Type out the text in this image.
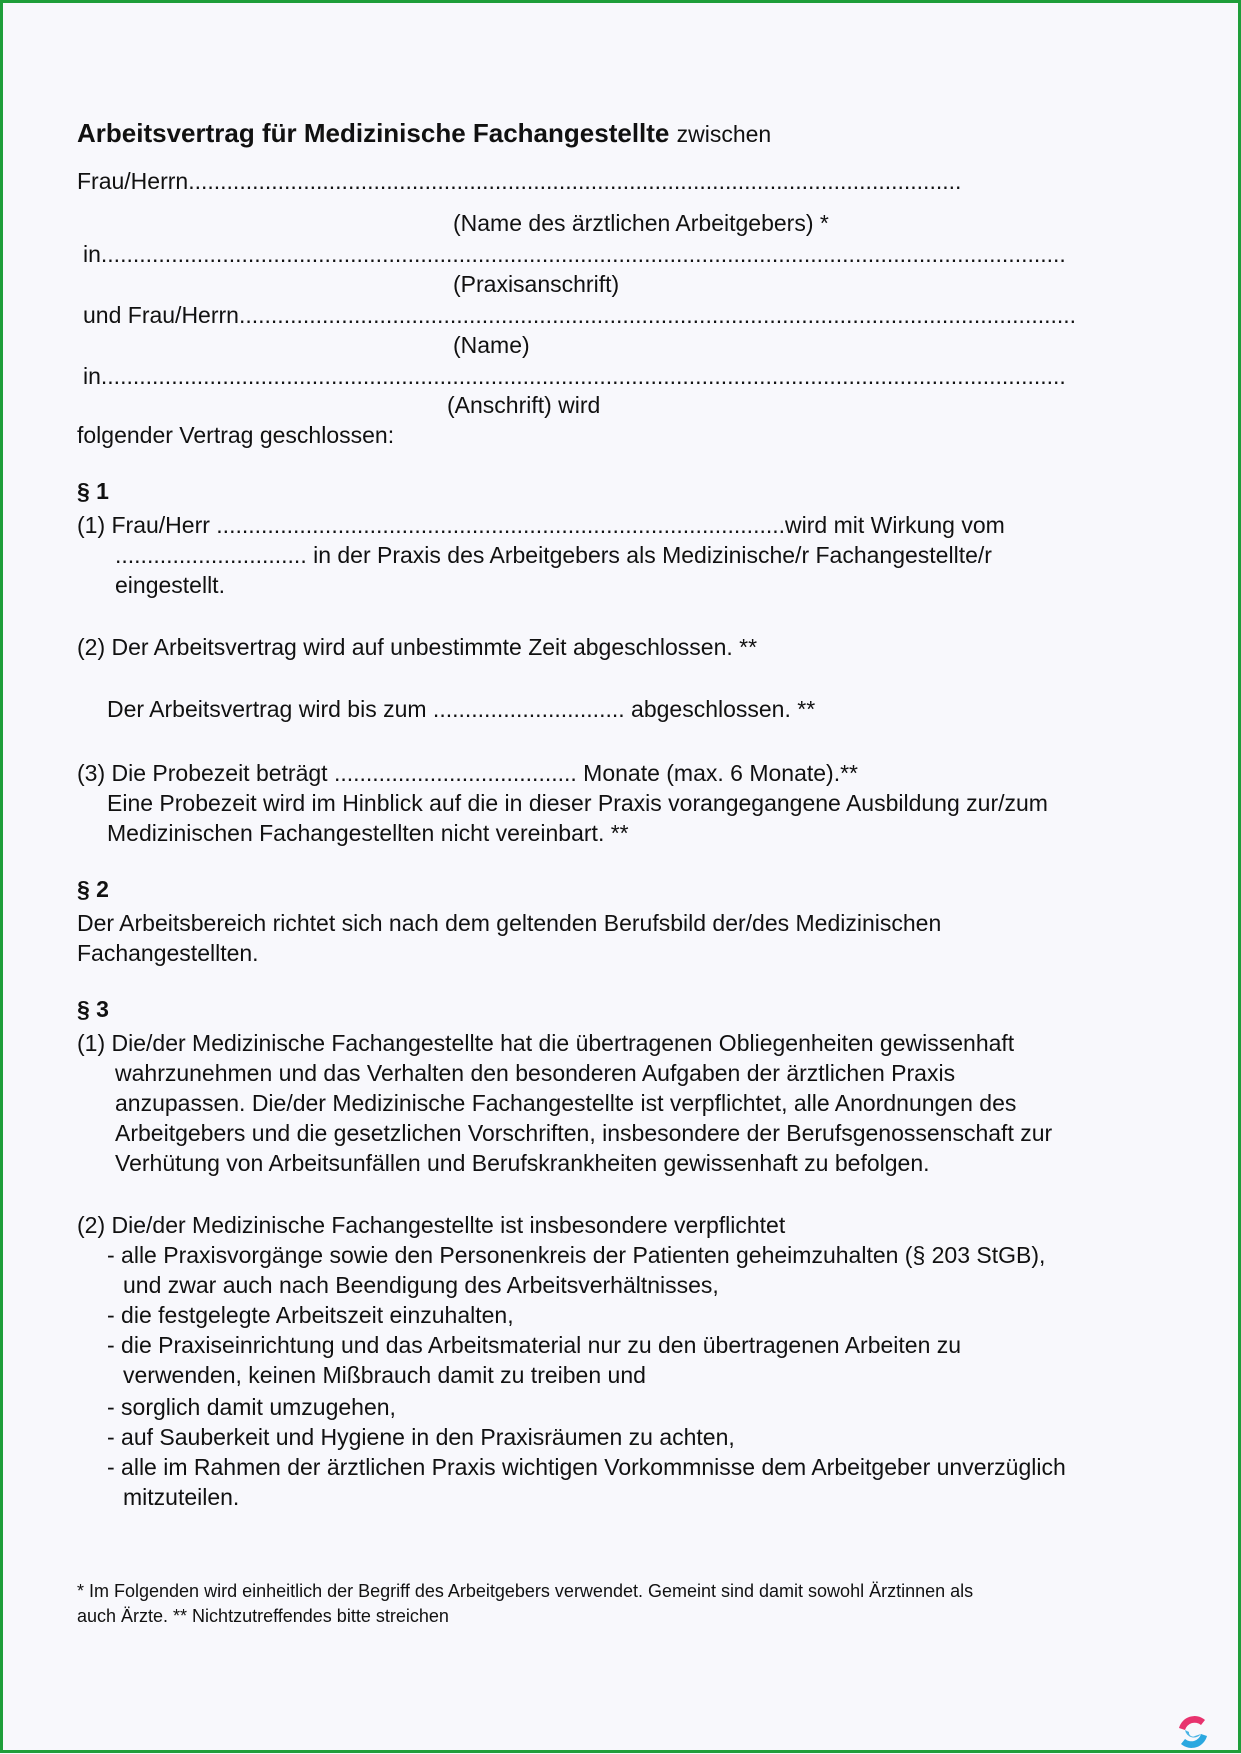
Arbeitsvertrag für Medizinische Fachangestellte zwischen
Frau/Herrn.........................................................................................................................
(Name des ärztlichen Arbeitgebers) *
in.......................................................................................................................................................
(Praxisanschrift)
und Frau/Herrn...................................................................................................................................
(Name)
in.......................................................................................................................................................
(Anschrift) wird
folgender Vertrag geschlossen:
§ 1
(1) Frau/Herr .........................................................................................wird mit Wirkung vom
.............................. in der Praxis des Arbeitgebers als Medizinische/r Fachangestellte/r
eingestellt.
(2) Der Arbeitsvertrag wird auf unbestimmte Zeit abgeschlossen. **
Der Arbeitsvertrag wird bis zum .............................. abgeschlossen. **
(3) Die Probezeit beträgt ...................................... Monate (max. 6 Monate).**
Eine Probezeit wird im Hinblick auf die in dieser Praxis vorangegangene Ausbildung zur/zum
Medizinischen Fachangestellten nicht vereinbart. **
§ 2
Der Arbeitsbereich richtet sich nach dem geltenden Berufsbild der/des Medizinischen
Fachangestellten.
§ 3
(1) Die/der Medizinische Fachangestellte hat die übertragenen Obliegenheiten gewissenhaft
wahrzunehmen und das Verhalten den besonderen Aufgaben der ärztlichen Praxis
anzupassen. Die/der Medizinische Fachangestellte ist verpflichtet, alle Anordnungen des
Arbeitgebers und die gesetzlichen Vorschriften, insbesondere der Berufsgenossenschaft zur
Verhütung von Arbeitsunfällen und Berufskrankheiten gewissenhaft zu befolgen.
(2) Die/der Medizinische Fachangestellte ist insbesondere verpflichtet
- alle Praxisvorgänge sowie den Personenkreis der Patienten geheimzuhalten (§ 203 StGB),
und zwar auch nach Beendigung des Arbeitsverhältnisses,
- die festgelegte Arbeitszeit einzuhalten,
- die Praxiseinrichtung und das Arbeitsmaterial nur zu den übertragenen Arbeiten zu
verwenden, keinen Mißbrauch damit zu treiben und
- sorglich damit umzugehen,
- auf Sauberkeit und Hygiene in den Praxisräumen zu achten,
- alle im Rahmen der ärztlichen Praxis wichtigen Vorkommnisse dem Arbeitgeber unverzüglich
mitzuteilen.
* Im Folgenden wird einheitlich der Begriff des Arbeitgebers verwendet. Gemeint sind damit sowohl Ärztinnen als
auch Ärzte. ** Nichtzutreffendes bitte streichen
